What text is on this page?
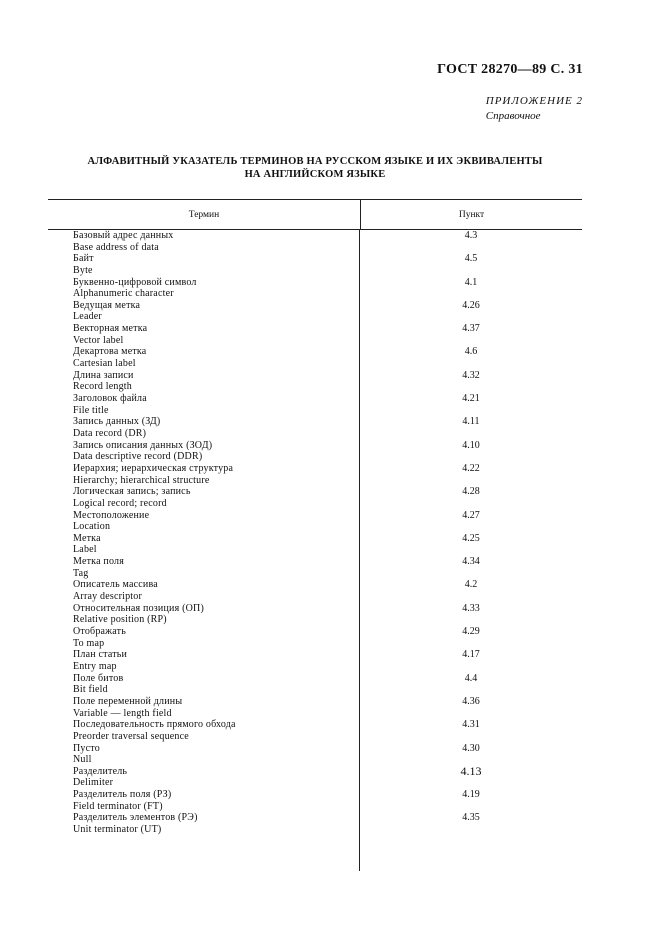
ГОСТ 28270—89 С. 31
ПРИЛОЖЕНИЕ 2
Справочное
АЛФАВИТНЫЙ УКАЗАТЕЛЬ ТЕРМИНОВ НА РУССКОМ ЯЗЫКЕ И ИХ ЭКВИВАЛЕНТЫ
НА АНГЛИЙСКОМ ЯЗЫКЕ
Термин	Пункт
Базовый адрес данных
Base address of data
Байт
Byte
Буквенно-цифровой символ
Alphanumeric character
Ведущая метка
Leader
Векторная метка
Vector label
Декартова метка
Cartesian label
Длина записи
Record length
Заголовок файла
File title
Запись данных (ЗД)
Data record (DR)
Запись описания данных (ЗОД)
Data descriptive record (DDR)
Иерархия; иерархическая структура
Hierarchy; hierarchical structure
Логическая запись; запись
Logical record; record
Местоположение
Location
Метка
Label
Метка поля
Tag
Описатель массива
Array descriptor
Относительная позиция (ОП)
Relative position (RP)
Отображать
To map
План статьи
Entry map
Поле битов
Bit field
Поле переменной длины
Variable — length field
Последовательность прямого обхода
Preorder traversal sequence
Пусто
Null
Разделитель
Delimiter
Разделитель поля (РЗ)
Field terminator (FT)
Разделитель элементов (РЭ)
Unit terminator (UT)
4.3
4.5
4.1
4.26
4.37
4.6
4.32
4.21
4.11
4.10
4.22
4.28
4.27
4.25
4.34
4.2
4.33
4.29
4.17
4.4
4.36
4.31
4.30
4.13
4.19
4.35
